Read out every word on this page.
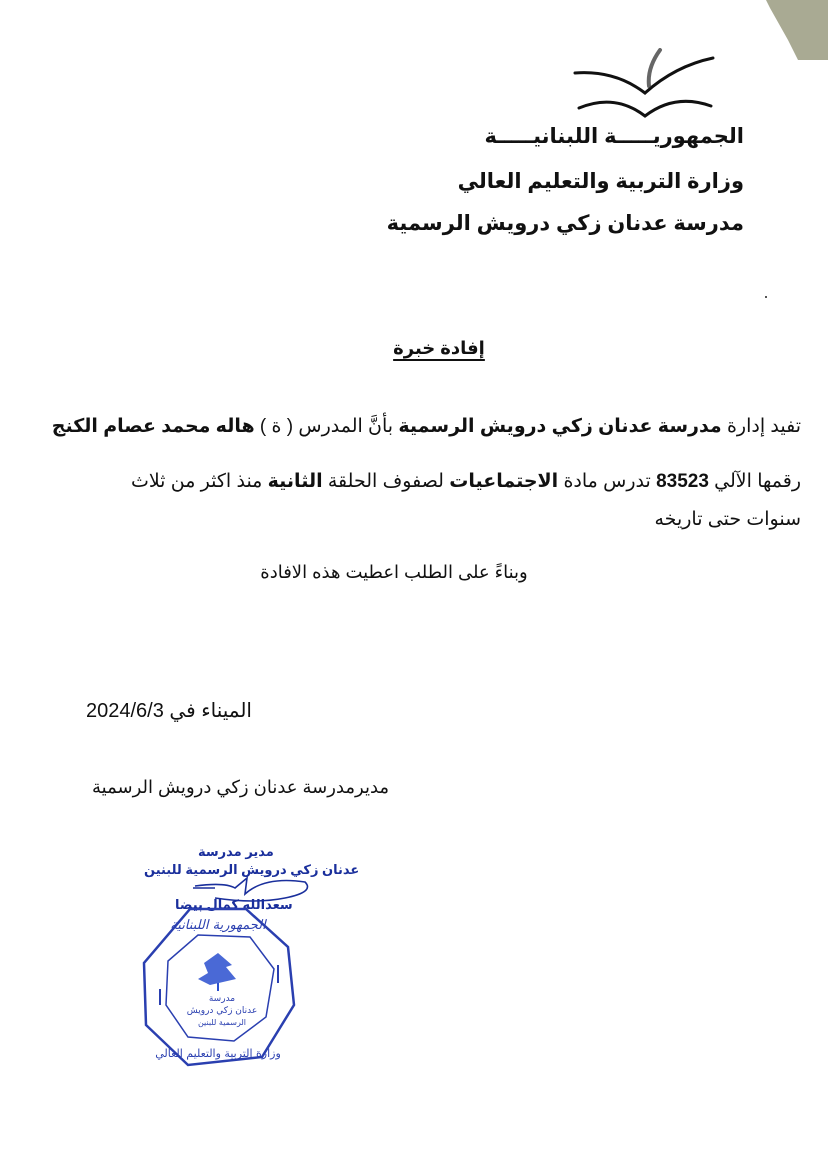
الجمهوريـــــة اللبنانيـــــة
وزارة التربية والتعليم العالي
مدرسة عدنان زكي درويش الرسمية
إفادة خبرة
تفيد إدارة مدرسة عدنان زكي درويش الرسمية بأنَّ المدرس ( ة ) هاله محمد عصام الكنج
رقمها الآلي 83523 تدرس مادة الاجتماعيات لصفوف الحلقة الثانية منذ اكثر من ثلاث
سنوات حتى تاريخه
وبناءً على الطلب اعطيت هذه الافادة
الميناء في 2024/6/3
مديرمدرسة عدنان زكي درويش الرسمية
مدير مدرسة
عدنان زكي درويش الرسمية للبنين
سعدالله كمال بيضا
الجمهورية اللبنانية
وزارة التربية والتعليم العالي
مدرسة
عدنان زكي درويش
الرسمية للبنين
